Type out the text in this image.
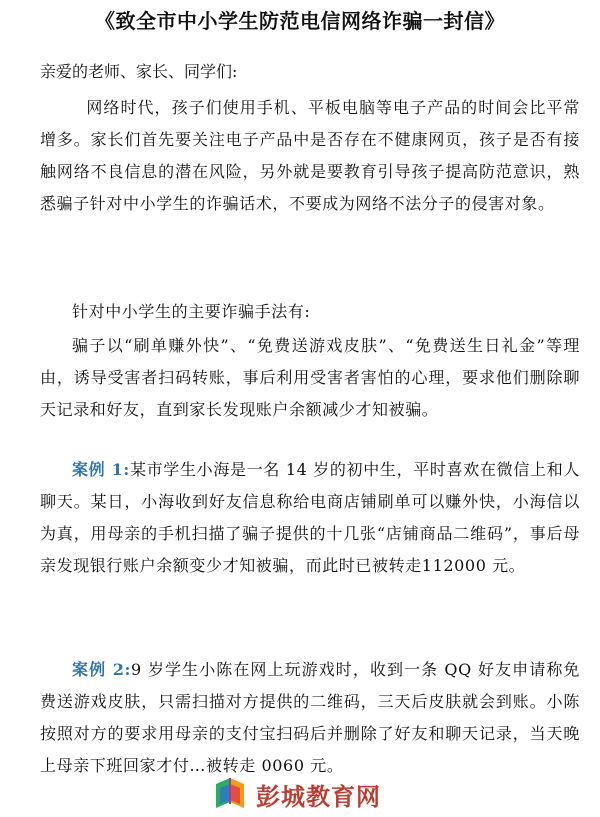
《致全市中小学生防范电信网络诈骗一封信》
亲爱的老师、家长、同学们:
网络时代，孩子们使用手机、平板电脑等电子产品的时间会比平常增多。家长们首先要关注电子产品中是否存在不健康网页，孩子是否有接触网络不良信息的潜在风险，另外就是要教育引导孩子提高防范意识，熟悉骗子针对中小学生的诈骗话术，不要成为网络不法分子的侵害对象。
针对中小学生的主要诈骗手法有:
骗子以“刷单赚外快”、“免费送游戏皮肤”、“免费送生日礼金”等理由，诱导受害者扫码转账，事后利用受害者害怕的心理，要求他们删除聊天记录和好友，直到家长发现账户余额减少才知被骗。
案例 1:某市学生小海是一名 14 岁的初中生，平时喜欢在微信上和人聊天。某日，小海收到好友信息称给电商店铺刷单可以赚外快，小海信以为真，用母亲的手机扫描了骗子提供的十几张“店铺商品二维码”，事后母亲发现银行账户余额变少才知被骗，而此时已被转走112000 元。
案例 2:9 岁学生小陈在网上玩游戏时，收到一条 QQ 好友申请称免费送游戏皮肤，只需扫描对方提供的二维码，三天后皮肤就会到账。小陈按照对方的要求用母亲的支付宝扫码后并删除了好友和聊天记录，当天晚上母亲下班回家才付…被转走 0060 元。
彭城教育网
